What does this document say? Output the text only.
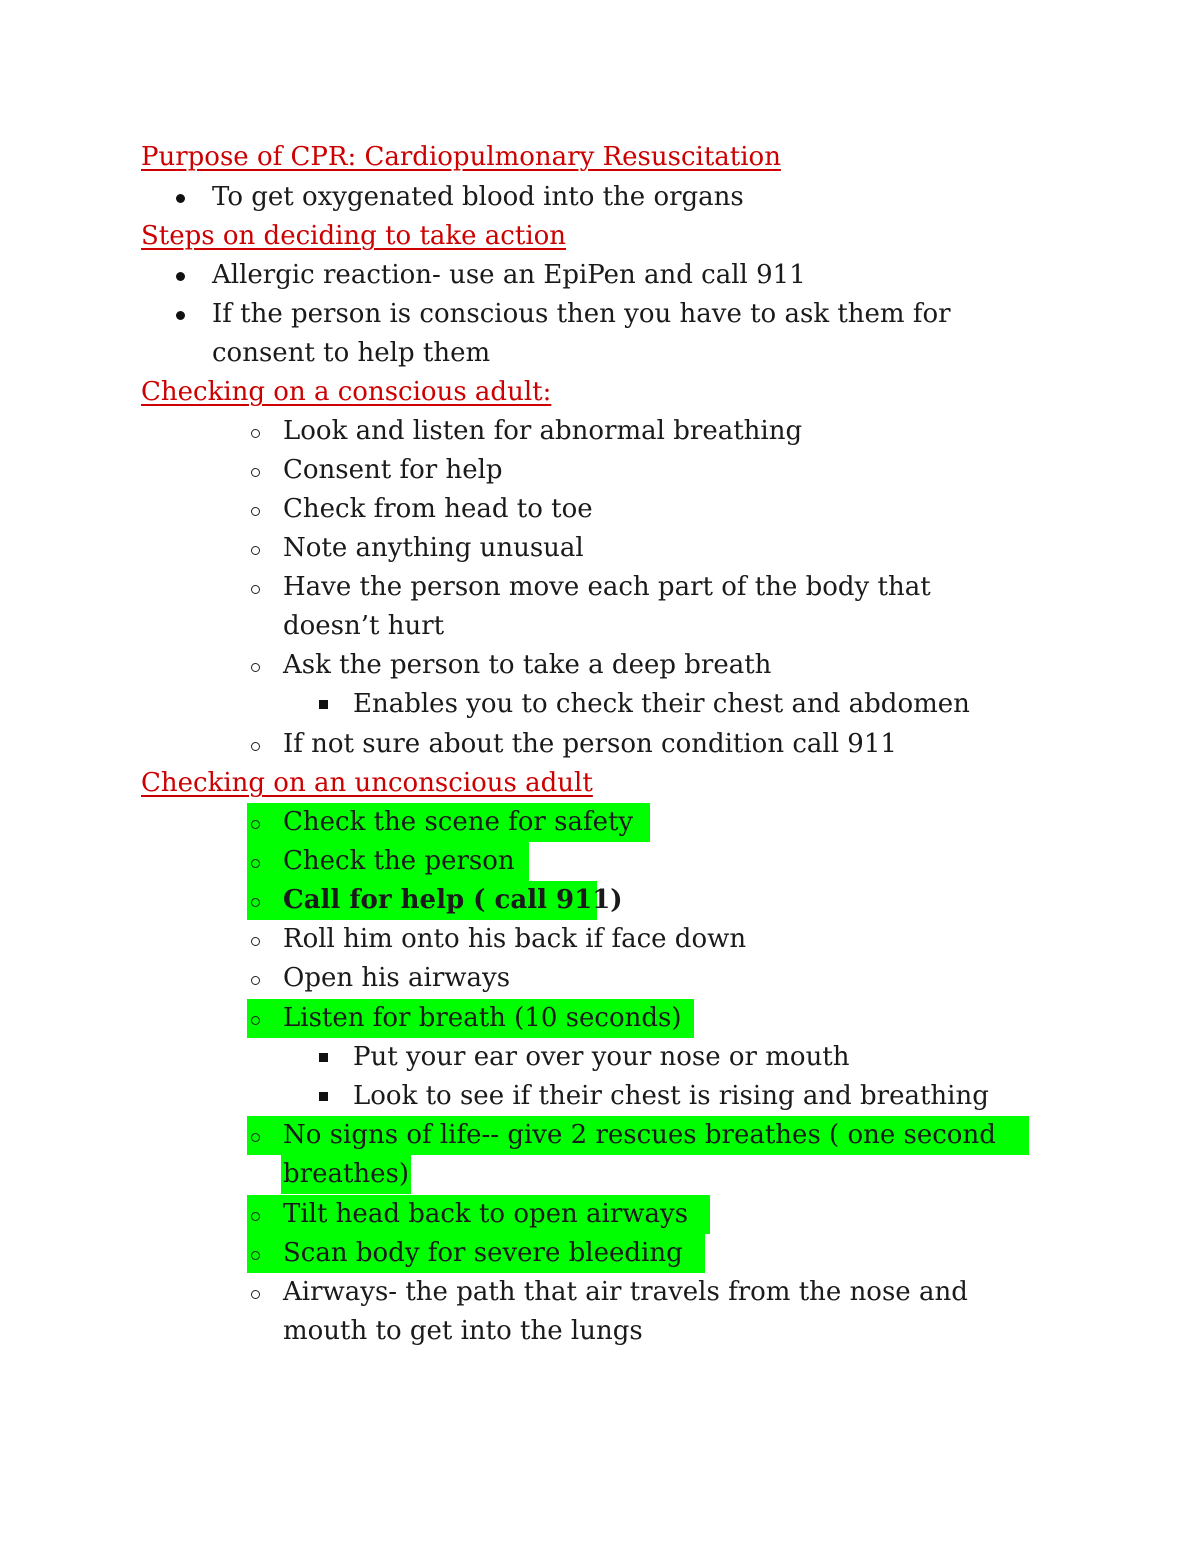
Purpose of CPR: Cardiopulmonary Resuscitation
To get oxygenated blood into the organs
Steps on deciding to take action
Allergic reaction- use an EpiPen and call 911
If the person is conscious then you have to ask them for
consent to help them
Checking on a conscious adult:
Look and listen for abnormal breathing
Consent for help
Check from head to toe
Note anything unusual
Have the person move each part of the body that
doesn’t hurt
Ask the person to take a deep breath
Enables you to check their chest and abdomen
If not sure about the person condition call 911
Checking on an unconscious adult
Check the scene for safety
Check the person
Call for help ( call 911)
Roll him onto his back if face down
Open his airways
Listen for breath (10 seconds)
Put your ear over your nose or mouth
Look to see if their chest is rising and breathing
No signs of life-- give 2 rescues breathes ( one second
breathes)
Tilt head back to open airways
Scan body for severe bleeding
Airways- the path that air travels from the nose and
mouth to get into the lungs
